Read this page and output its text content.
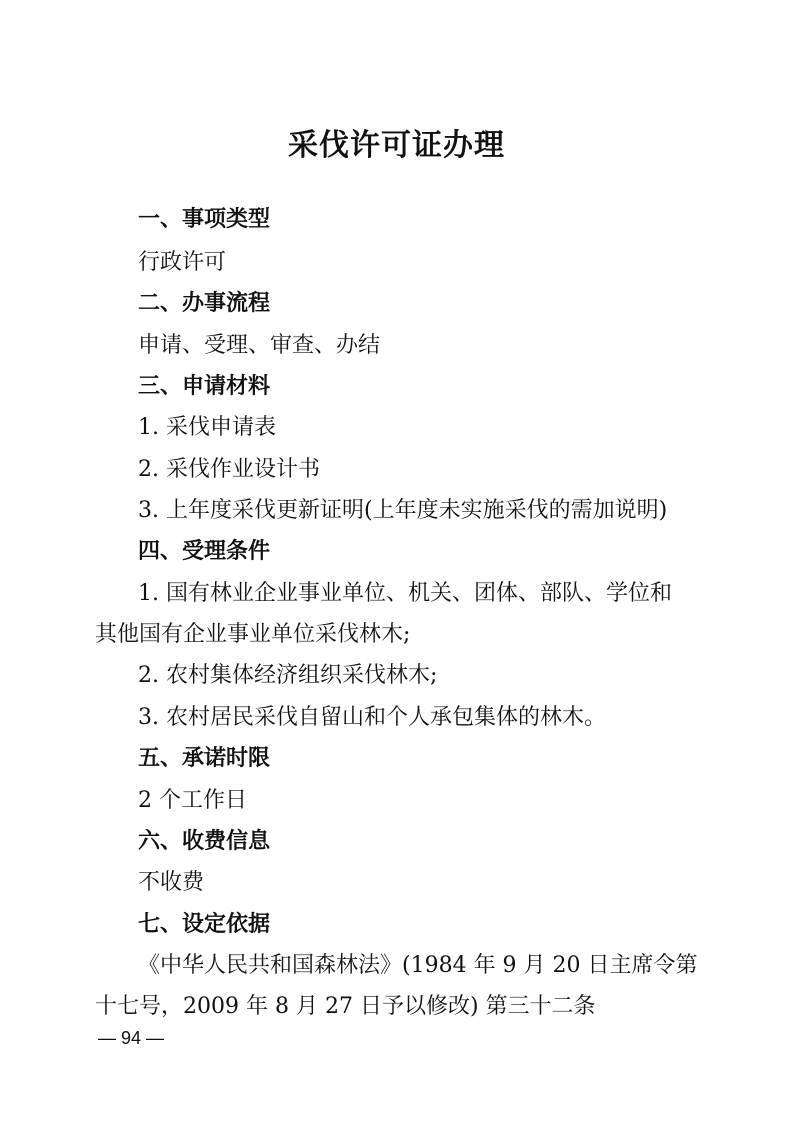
采伐许可证办理

一、事项类型

行政许可

二、办事流程

申请、受理、审查、办结

三、申请材料

1. 采伐申请表

2. 采伐作业设计书

3. 上年度采伐更新证明(上年度未实施采伐的需加说明)

四、受理条件

1. 国有林业企业事业单位、机关、团体、部队、学位和

其他国有企业事业单位采伐林木;

2. 农村集体经济组织采伐林木;

3. 农村居民采伐自留山和个人承包集体的林木。

五、承诺时限

2 个工作日

六、收费信息

不收费

七、设定依据

《中华人民共和国森林法》(1984 年 9 月 20 日主席令第

十七号，2009 年 8 月 27 日予以修改) 第三十二条

— 94 —
